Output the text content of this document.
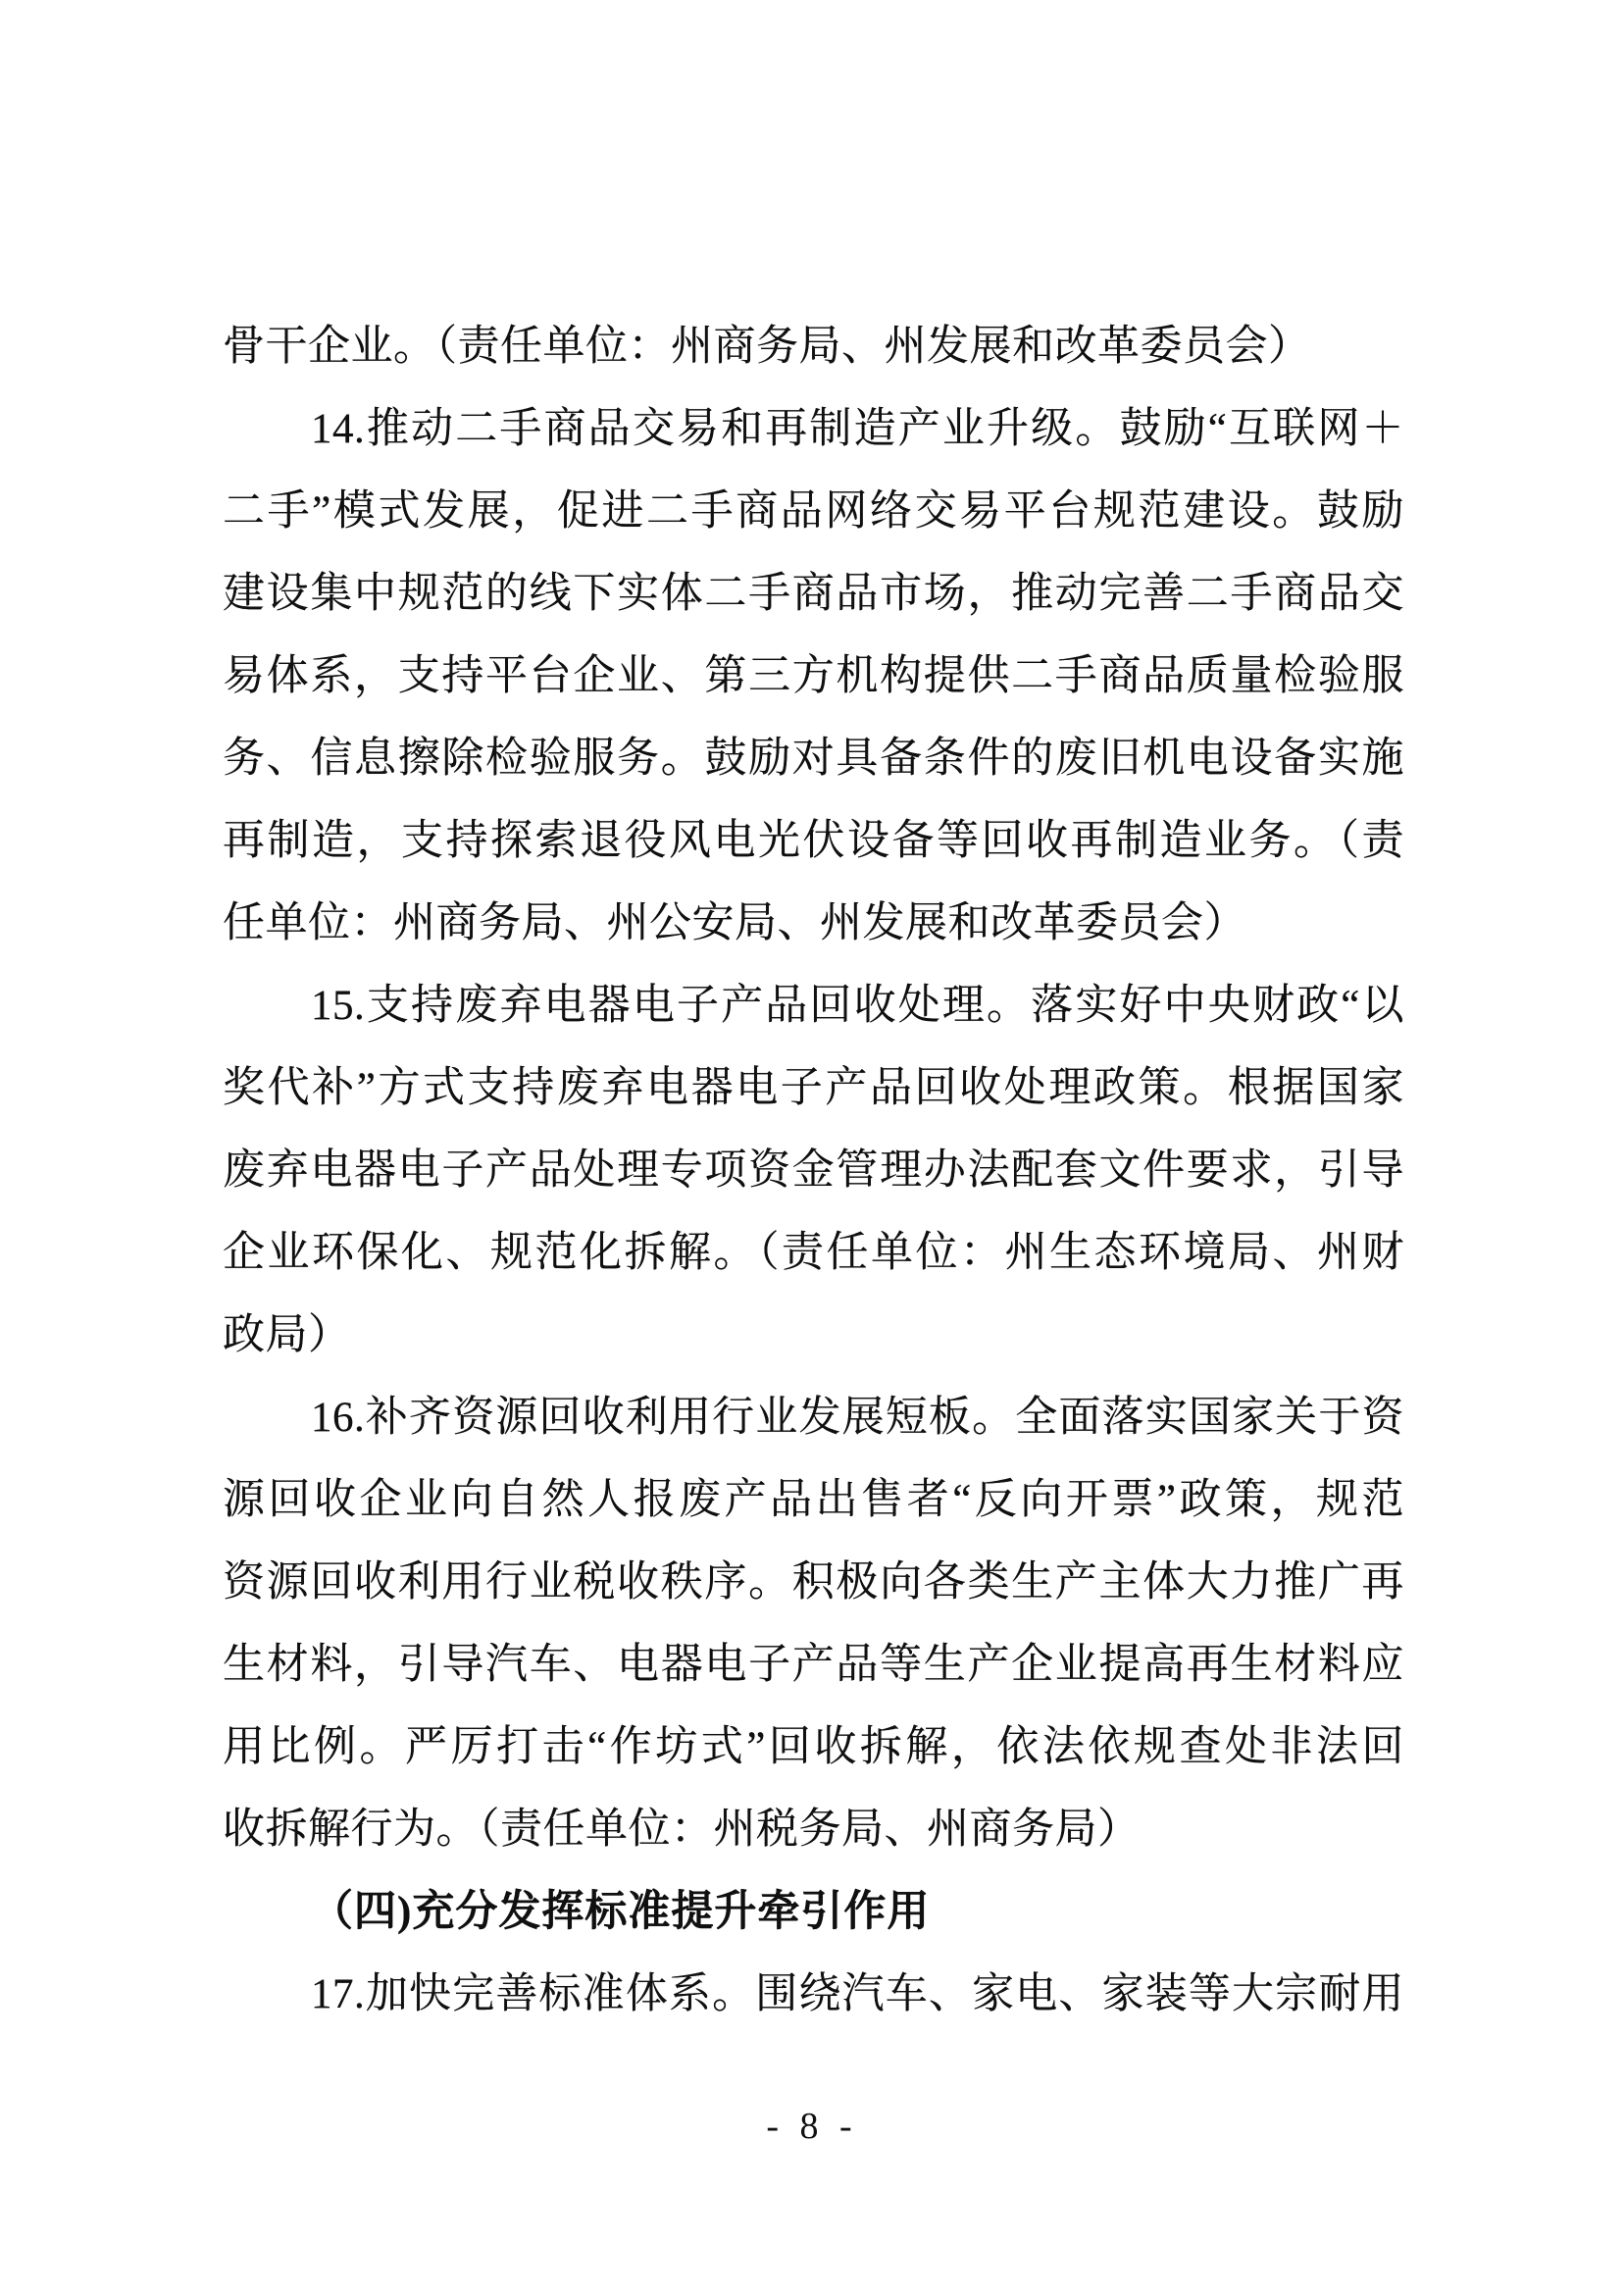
骨干企业。（责任单位：州商务局、州发展和改革委员会）
14.推动二手商品交易和再制造产业升级。鼓励“互联网＋
二手”模式发展，促进二手商品网络交易平台规范建设。鼓励
建设集中规范的线下实体二手商品市场，推动完善二手商品交
易体系，支持平台企业、第三方机构提供二手商品质量检验服
务、信息擦除检验服务。鼓励对具备条件的废旧机电设备实施
再制造，支持探索退役风电光伏设备等回收再制造业务。（责
任单位：州商务局、州公安局、州发展和改革委员会）
15.支持废弃电器电子产品回收处理。落实好中央财政“以
奖代补”方式支持废弃电器电子产品回收处理政策。根据国家
废弃电器电子产品处理专项资金管理办法配套文件要求，引导
企业环保化、规范化拆解。（责任单位：州生态环境局、州财
政局）
16.补齐资源回收利用行业发展短板。全面落实国家关于资
源回收企业向自然人报废产品出售者“反向开票”政策，规范
资源回收利用行业税收秩序。积极向各类生产主体大力推广再
生材料，引导汽车、电器电子产品等生产企业提高再生材料应
用比例。严厉打击“作坊式”回收拆解，依法依规查处非法回
收拆解行为。（责任单位：州税务局、州商务局）
（四)充分发挥标准提升牵引作用
17.加快完善标准体系。围绕汽车、家电、家装等大宗耐用
- 8 -
